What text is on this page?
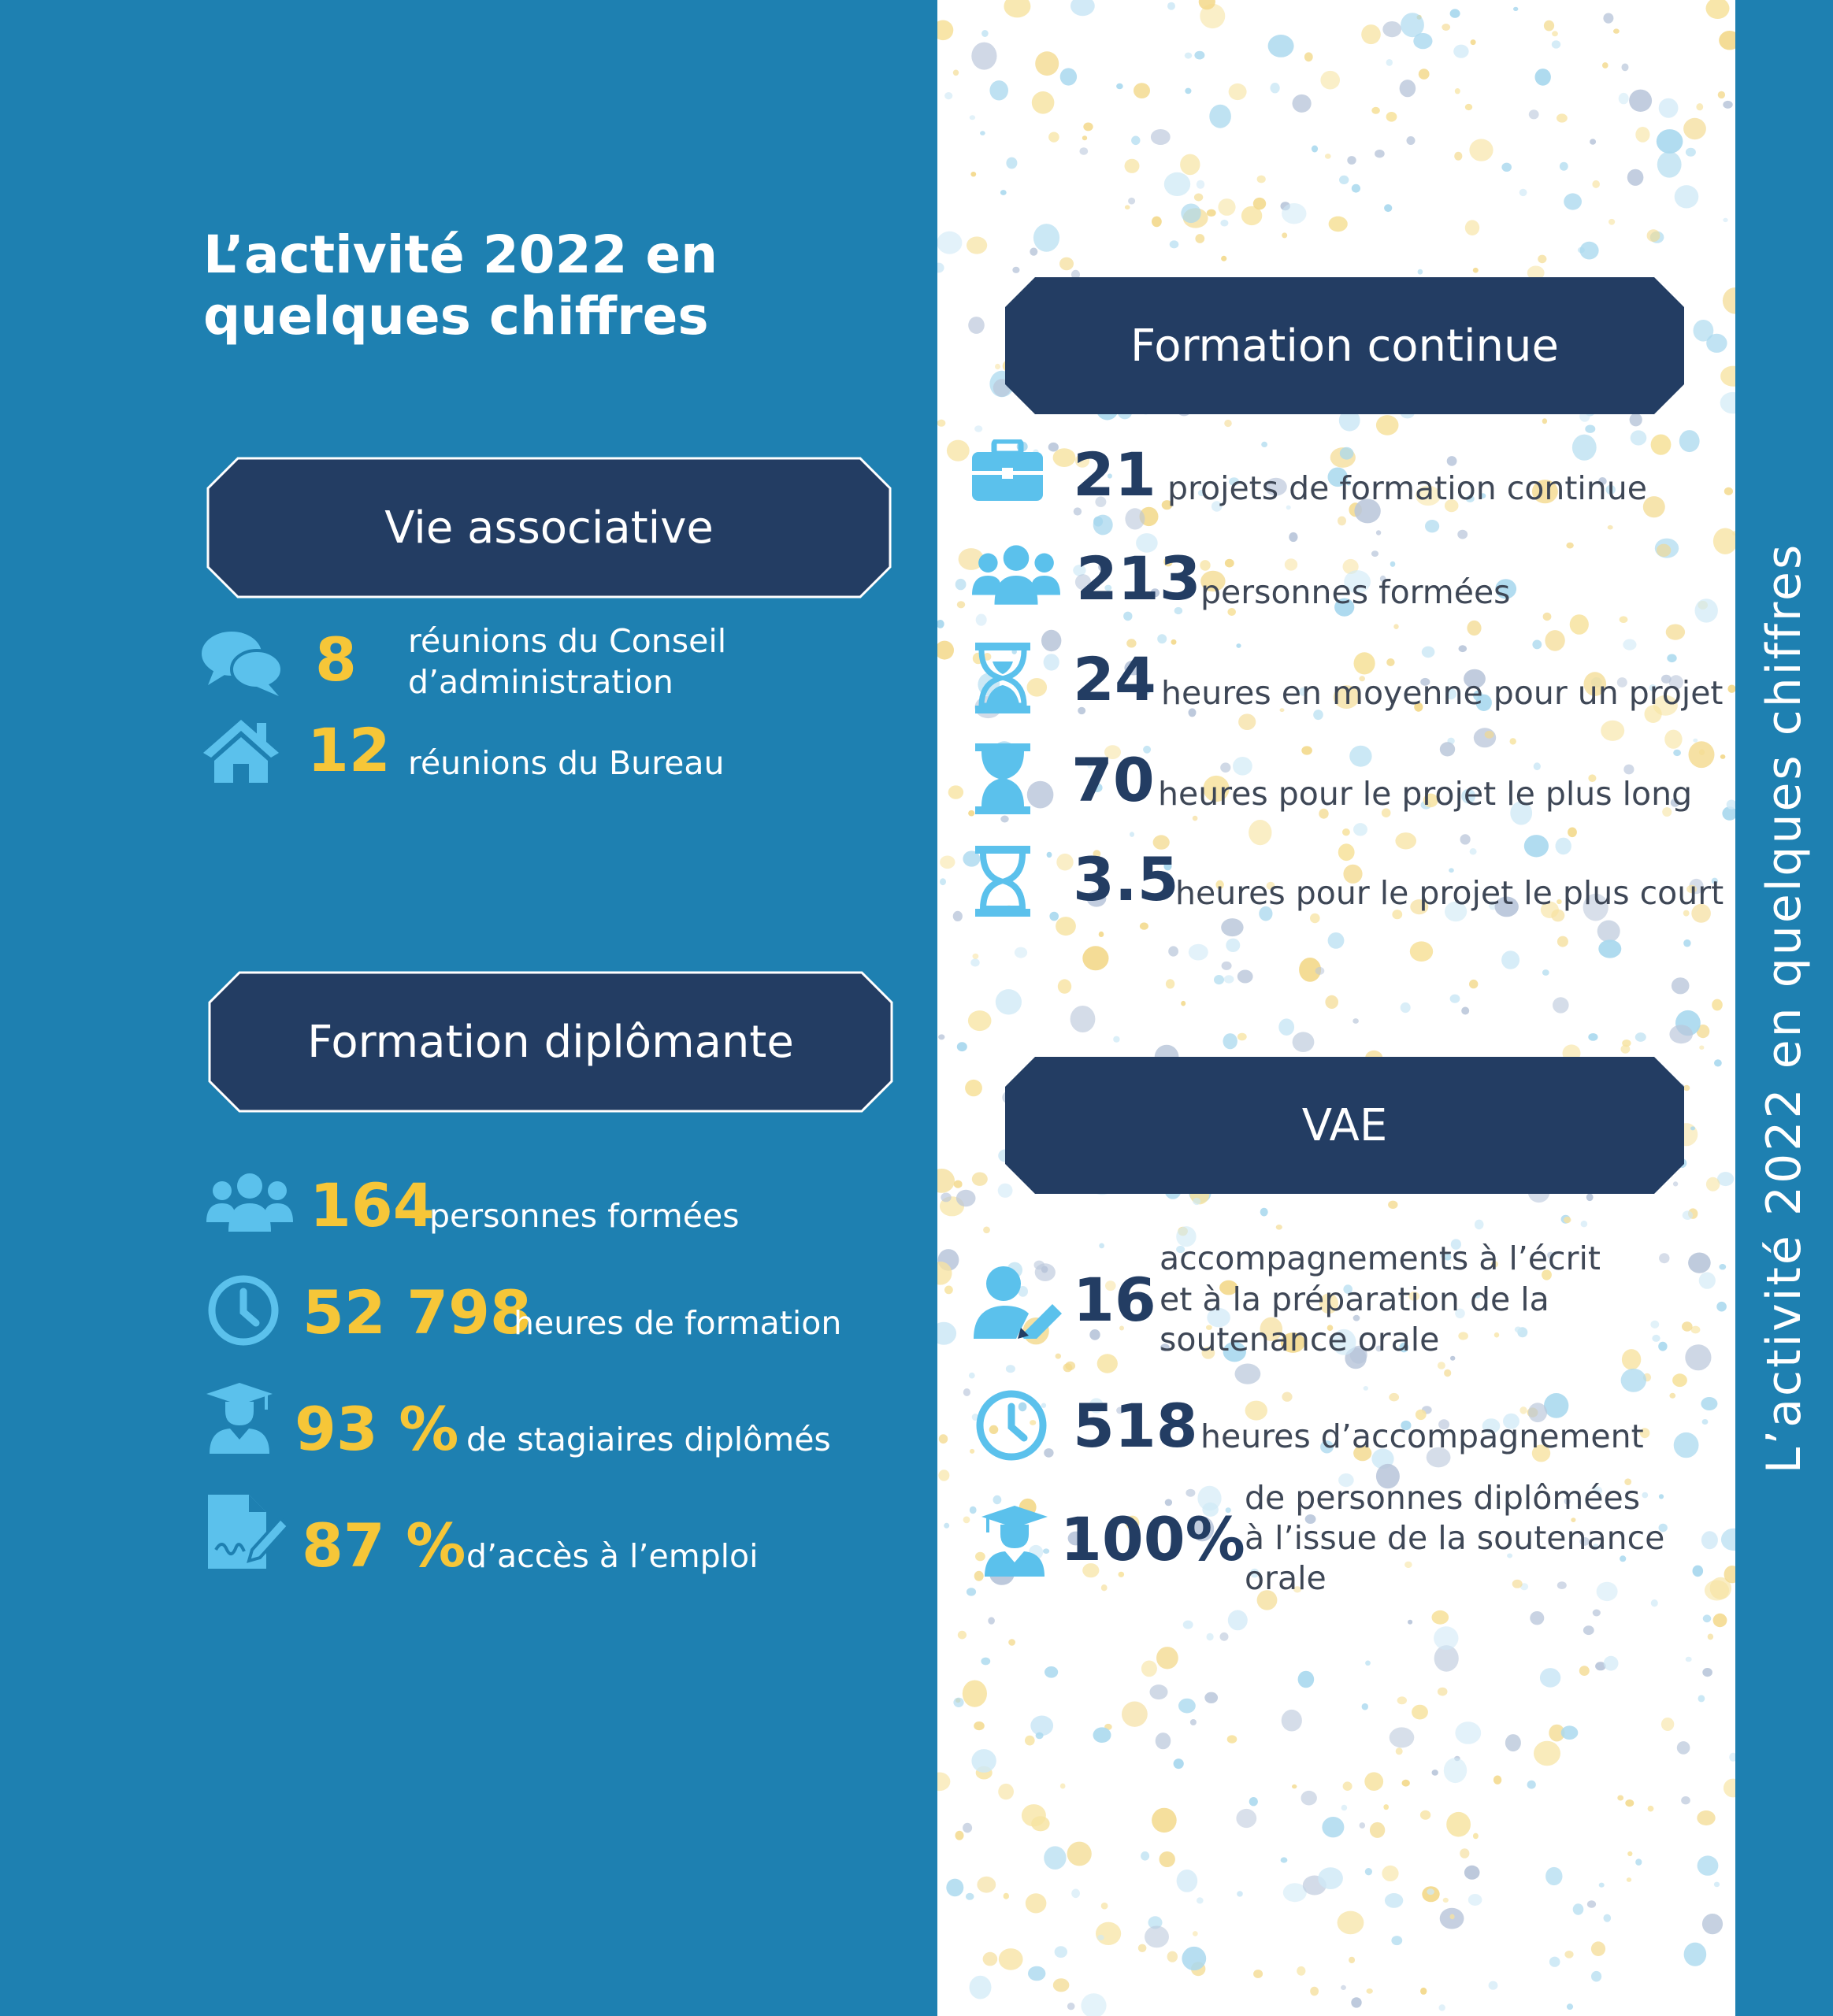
L’activité 2022 en
quelques chiffres
Vie associative
8 réunions du Conseil
d’administration
12 réunions du Bureau
Formation diplômante
164
personnes formées
52 798
heures de formation
93 % de stagiaires diplômés
87 % d’accès à l’emploi
Formation continue
21 projets de formation continue
213 personnes formées
24 heures en moyenne pour un projet
70 heures pour le projet le plus long
3.5
heures pour le projet le plus court
VAE
16
accompagnements à l’écrit
et à la préparation de la
soutenance orale
518 heures d’accompagnement
100%
de personnes diplômées
à l’issue de la soutenance
orale
L’activité 2022 en quelques chiffres
